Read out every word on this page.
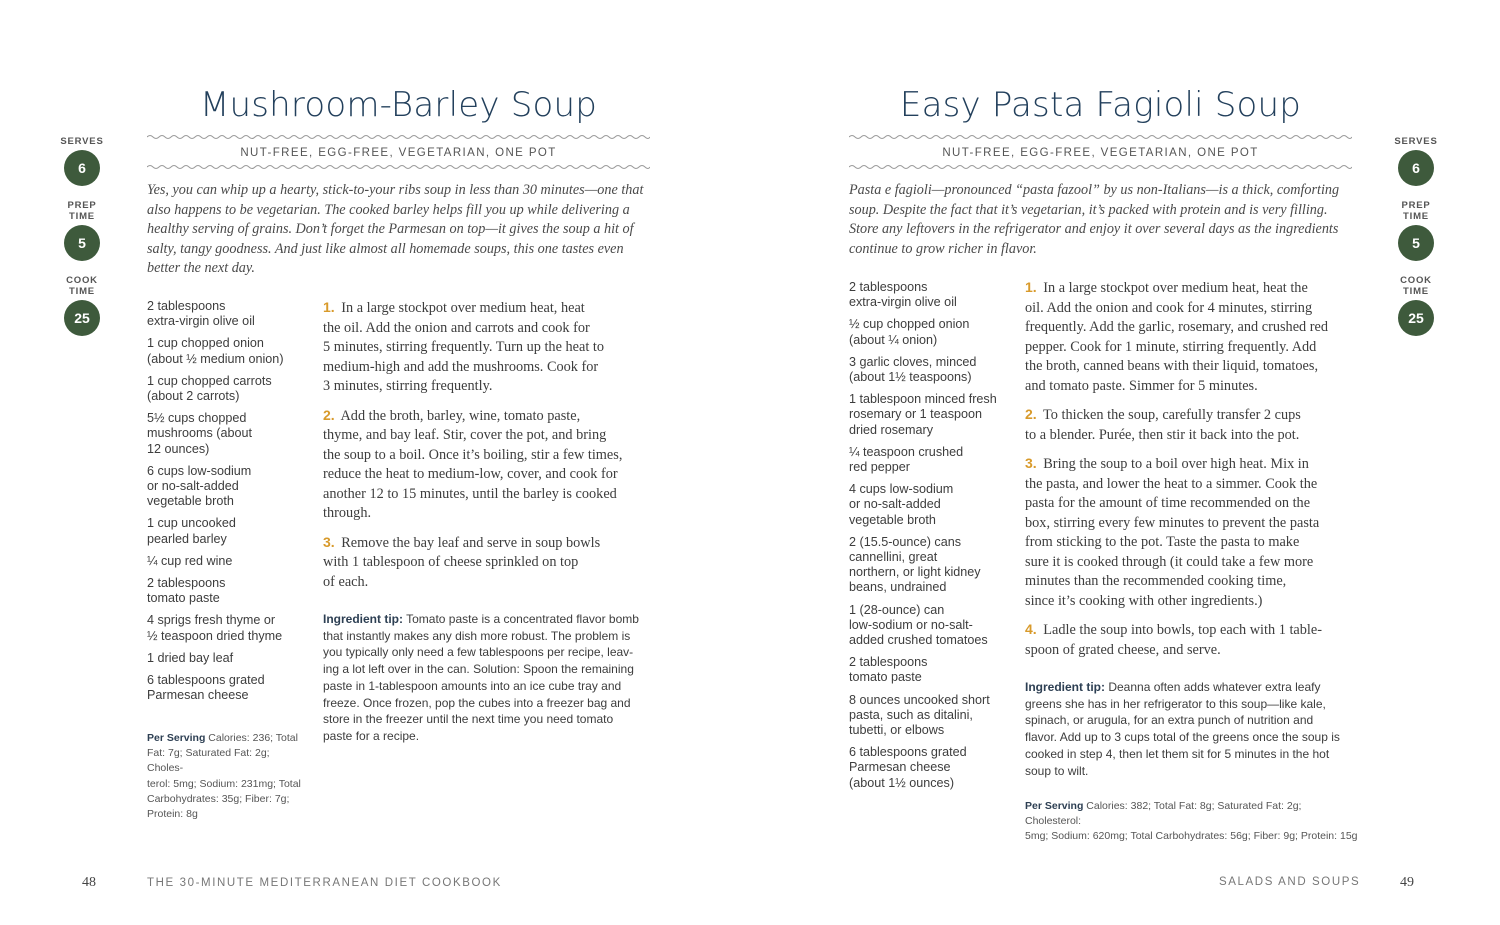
SERVES
6
PREP
TIME
5
COOK
TIME
25
Mushroom-Barley Soup
NUT-FREE, EGG-FREE, VEGETARIAN, ONE POT
Yes, you can whip up a hearty, stick-to-your ribs soup in less than 30 minutes—one that also happens to be vegetarian. The cooked barley helps fill you up while delivering a healthy serving of grains. Don’t forget the Parmesan on top—it gives the soup a hit of salty, tangy goodness. And just like almost all homemade soups, this one tastes even better the next day.
2 tablespoons
extra-virgin olive oil
1 cup chopped onion
(about ½ medium onion)
1 cup chopped carrots
(about 2 carrots)
5½ cups chopped
mushrooms (about
12 ounces)
6 cups low-sodium
or no-salt-added
vegetable broth
1 cup uncooked
pearled barley
¼ cup red wine
2 tablespoons
tomato paste
4 sprigs fresh thyme or
½ teaspoon dried thyme
1 dried bay leaf
6 tablespoons grated
Parmesan cheese
Per Serving Calories: 236; Total
Fat: 7g; Saturated Fat: 2g; Choles-
terol: 5mg; Sodium: 231mg; Total
Carbohydrates: 35g; Fiber: 7g;
Protein: 8g
1. In a large stockpot over medium heat, heat
the oil. Add the onion and carrots and cook for
5 minutes, stirring frequently. Turn up the heat to
medium-high and add the mushrooms. Cook for
3 minutes, stirring frequently.
2. Add the broth, barley, wine, tomato paste,
thyme, and bay leaf. Stir, cover the pot, and bring
the soup to a boil. Once it’s boiling, stir a few times,
reduce the heat to medium-low, cover, and cook for
another 12 to 15 minutes, until the barley is cooked
through.
3. Remove the bay leaf and serve in soup bowls
with 1 tablespoon of cheese sprinkled on top
of each.
Ingredient tip: Tomato paste is a concentrated flavor bomb
that instantly makes any dish more robust. The problem is
you typically only need a few tablespoons per recipe, leav-
ing a lot left over in the can. Solution: Spoon the remaining
paste in 1-tablespoon amounts into an ice cube tray and
freeze. Once frozen, pop the cubes into a freezer bag and
store in the freezer until the next time you need tomato
paste for a recipe.
48	THE 30-MINUTE MEDITERRANEAN DIET COOKBOOK
Easy Pasta Fagioli Soup
NUT-FREE, EGG-FREE, VEGETARIAN, ONE POT
Pasta e fagioli—pronounced “pasta fazool” by us non-Italians—is a thick, comforting soup. Despite the fact that it’s vegetarian, it’s packed with protein and is very filling. Store any leftovers in the refrigerator and enjoy it over several days as the ingredients continue to grow richer in flavor.
2 tablespoons
extra-virgin olive oil
½ cup chopped onion
(about ¼ onion)
3 garlic cloves, minced
(about 1½ teaspoons)
1 tablespoon minced fresh
rosemary or 1 teaspoon
dried rosemary
¼ teaspoon crushed
red pepper
4 cups low-sodium
or no-salt-added
vegetable broth
2 (15.5-ounce) cans
cannellini, great
northern, or light kidney
beans, undrained
1 (28-ounce) can
low-sodium or no-salt-
added crushed tomatoes
2 tablespoons
tomato paste
8 ounces uncooked short
pasta, such as ditalini,
tubetti, or elbows
6 tablespoons grated
Parmesan cheese
(about 1½ ounces)
1. In a large stockpot over medium heat, heat the
oil. Add the onion and cook for 4 minutes, stirring
frequently. Add the garlic, rosemary, and crushed red
pepper. Cook for 1 minute, stirring frequently. Add
the broth, canned beans with their liquid, tomatoes,
and tomato paste. Simmer for 5 minutes.
2. To thicken the soup, carefully transfer 2 cups
to a blender. Purée, then stir it back into the pot.
3. Bring the soup to a boil over high heat. Mix in
the pasta, and lower the heat to a simmer. Cook the
pasta for the amount of time recommended on the
box, stirring every few minutes to prevent the pasta
from sticking to the pot. Taste the pasta to make
sure it is cooked through (it could take a few more
minutes than the recommended cooking time,
since it’s cooking with other ingredients.)
4. Ladle the soup into bowls, top each with 1 table-
spoon of grated cheese, and serve.
Ingredient tip: Deanna often adds whatever extra leafy
greens she has in her refrigerator to this soup—like kale,
spinach, or arugula, for an extra punch of nutrition and
flavor. Add up to 3 cups total of the greens once the soup is
cooked in step 4, then let them sit for 5 minutes in the hot
soup to wilt.
Per Serving Calories: 382; Total Fat: 8g; Saturated Fat: 2g; Cholesterol:
5mg; Sodium: 620mg; Total Carbohydrates: 56g; Fiber: 9g; Protein: 15g
SERVES
6
PREP
TIME
5
COOK
TIME
25
SALADS AND SOUPS	49
